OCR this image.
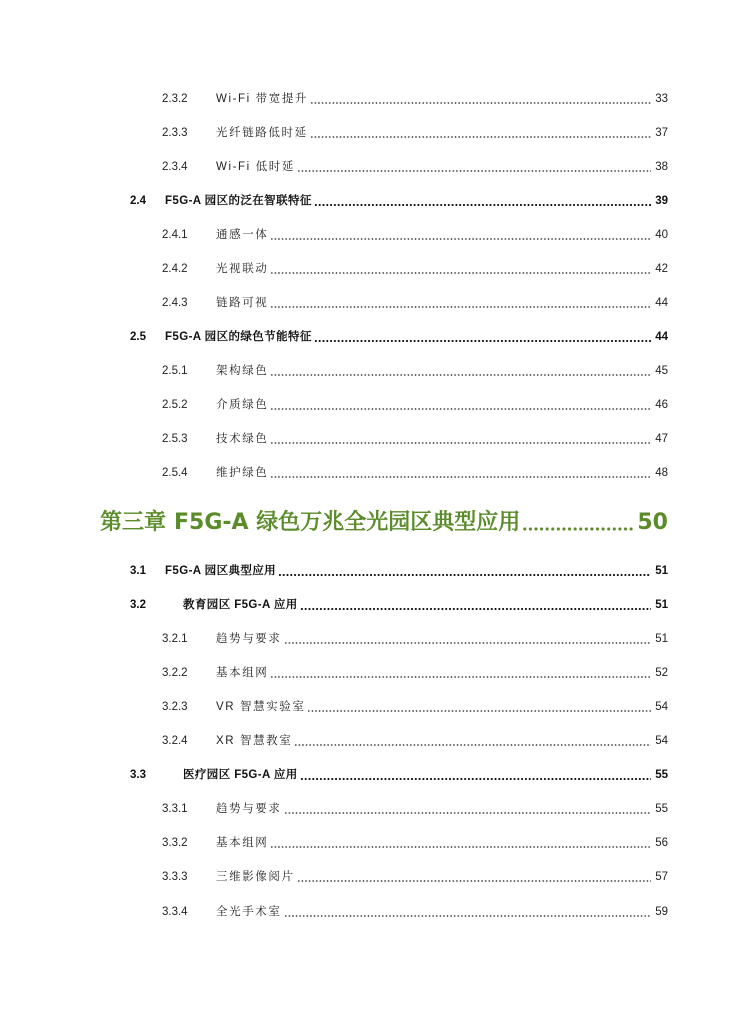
2.3.2	Wi-Fi 带宽提升	33
2.3.3	光纤链路低时延	37
2.3.4	Wi-Fi 低时延	38
2.4	F5G-A 园区的泛在智联特征	39
2.4.1	通感一体	40
2.4.2	光视联动	42
2.4.3	链路可视	44
2.5	F5G-A 园区的绿色节能特征	44
2.5.1	架构绿色	45
2.5.2	介质绿色	46
2.5.3	技术绿色	47
2.5.4	维护绿色	48
第三章 F5G-A 绿色万兆全光园区典型应用	50
3.1	F5G-A 园区典型应用	51
3.2	教育园区 F5G-A 应用	51
3.2.1	趋势与要求	51
3.2.2	基本组网	52
3.2.3	VR 智慧实验室	54
3.2.4	XR 智慧教室	54
3.3	医疗园区 F5G-A 应用	55
3.3.1	趋势与要求	55
3.3.2	基本组网	56
3.3.3	三维影像阅片	57
3.3.4	全光手术室	59
